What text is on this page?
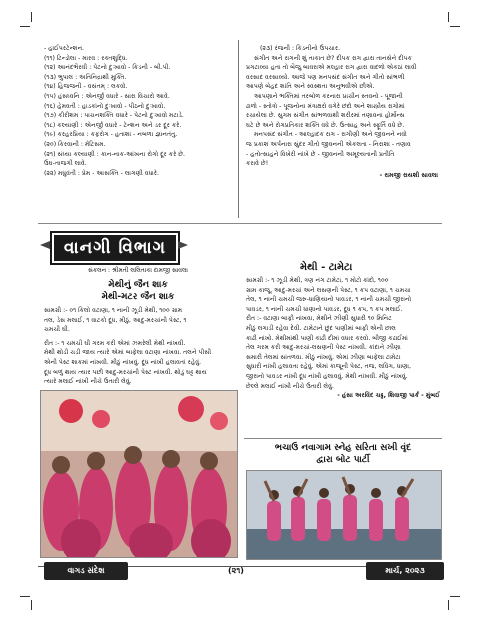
- હાઈપરટેન્શન.

(૧૧) ટિન્ડોલા - મારવ : રક્તશુદ્ધિ.

(૧૨) આનંદભૈરવી : પેટનો દુઃખાવો - કિડની - બી.પી.

(૧૩) ભુપાલ : અતિનિદ્રાથી મુક્તિ.

(૧૪) હિજજની - વસંતમ્ : લકવો.

(૧૫) હંસધ્વનિ : એનર્જી વધારે - સારા વિચારો આવે.

(૧૬) હેમવતી : હાડકાંનો દુઃખાવો - પીઠનો દુઃખાવો.

(૧૭) કીરીશમ : પાચનશક્તિ વધારે - પેટનો દુઃખાવો મટાડે.

(૧૮) કલ્યાણી : એનર્જી વધારે - ટેન્શન અને ડર દૂર કરે.

(૧૯) કરહરપ્રિયા : કફરોગ - હતાશા - નબળા જ્ઞાનતંતુ.

(૨૦) કિરવાની : મેંટિસમ.

(૨૧) સંધ્યા કલ્યાણી : કાન-નાક-આંખના રોગો દૂર કરે છે.

ઉંઘ-તાજગી લાવે.

(૨૨) મધુવંતી : પ્રેમ - આસક્તિ - લાગણી વધારે.

(૨૩) રંજની : કિડનીનો ઉપચાર.

સંગીત અને રાગની શું તાકાત છે? દીપક રાગ દ્વારા તાનસેને દીપક

પ્રગટાવ્યા હતા તો બૈજુ બાવરાએ મલ્હાર રાગ દ્વારા વાદળો એકઠાં લાવી

વરસાદ વરસાવ્યો. આજે પણ મનપસંદ સંગીત અને ગીતો સાંભળી

આપણે બેહદ શાંતિ અને સ્વસ્થતા અનુભવીએ છીએ.

આપણાને ભક્તિમાં તરબોળ કરનારા પ્રાચીન સ્તવનો - પૂજાની

ઢાળો - સ્તોત્રો - પૂજનોના મંત્રાક્ષરો વગેરે છંદો અને શાસ્ત્રીય રાગોમાં

રચાયેલા છે. સુગમ સંગીત સાંભળવાથી શરીરમાં તણાવના હોર્મોન્સ

ઘટે છે અને રોગપ્રતિકાર શક્તિ વધે છે. ઉત્સાહ અને સ્ફૂર્તિ વધે છે.

મનપસંદ સંગીત - આલ્હાદક રાગ - રાગીણી અને જીવનને નવો

જ પ્રકાશ અર્પનારા સુંદર ગીતો જીવનની એકલતા - નિરાશા - તણાવ

- હતોત્સાહને વિખેરી નાંખે છે - જીવનની અમૂલ્યતાની પ્રતીતિ

કરાવે છે!

- રામજી રાયશી સાવલા

વાનગી વિભાગ

સંકલન : શ્રીમતી લલિતાકા દામજી સાવલા

મેથીનું જૈન શાક

મેથી-મટર જૈન શાક

સામગ્રી :- ૦૧ કિલો વટાણા, ૧ નાની ઝૂડી મેથી, ૧૦૦ ગ્રામ

તલ, ડેસ મલાઈ, ૧ વાટકો દૂધ, મીઠું, આદુ-મરચાંની પેસ્ટ, ૧

ચમચી ઘી.

રીત :- ૧ ચમચી ઘી ગરમ કરી એમાં ઝમરેલી મેથી નાંખવી.

મેથી થોડી ચડી જાય ત્યારે એમાં બાફેલા વટાણા નાંખવા. તલને પીસી

એની પેસ્ટ શાકમાં નાંખવી. મીઠું નાંખવું. દૂધ નાંખી હલાવતાં રહેવું.

દૂધ બળું થાય ત્યાર પછી આદુ-મરચાંની પેસ્ટ નાંખવી. થોડું ઘટ્ટ થાય

ત્યારે મલાઈ નાંખી નીચે ઉતારી લેવું.

મેથી - ટામેટા

સામગ્રી :- ૧ ઝૂડી મેથી, ત્રણ નંગ ટામેટા, ૧ મોટો કાંદો, ૧૦૦

ગ્રામ કાજૂ, આદુ-મરચાં અને લસણની પેસ્ટ, ૧ કપ વટાણા, ૧ ચમચા

તેલ, ૧ નાની ચમચી જરુ-ધાણિયાનો પાવડર, ૧ નાની ચમચી જીરાનો

પાવડર, ૧ નાની ચમચી ધાણાનો પાવડર, દૂધ ૧ કપ, ૧ કપ મલાઈ.

રીત :- વટાણા બાફી નાંખવા, મેથીને ઝીણી સુધારી ૧૦ મિનિટ

મીઠું લગાડી રહેવા દેવી. ટામેટાને છુંદ પાણીમાં બાફી એની છાલ

કાઢી નાંખો. મેથીમાંથી પાણી કાઢી દીમાં વધાર કરવો. બીજી કઢાઈમાં

તેલ ગરમ કરી આદુ-મરચાં-લસણની પેસ્ટ નાંખવી. કાંદાને ઝીણા

સમારી તેલમાં સાંતળવા. મીઠું નાંખવું. એમાં ઝીણા બાફેલા ટામેટા

સુધારી નાંખી હલાવતા રહેવું. એમાં કાજૂની પેસ્ટ, તજ, લવિંગ, ધાણા,

જીરાનો પાવડર નાંખી દૂધ નાંખી હલાવવું. મેથી નાંખવી. મીઠું નાંખવું.

છેલ્લે મલાઈ નાંખી નીચે ઉતારી લેવું.

- હંસા અરવિંદ ચઢ્ઢ, શિવાજી પાર્ક - મુંબઈ

ભચાઉ નવાગામ સ્નેહ સરિતા સખી વૃંદ
દ્વારા બોટ પાર્ટી
વાગડ સંદેશ	(૨૧)	માર્ચ, ૨૦૨૩
